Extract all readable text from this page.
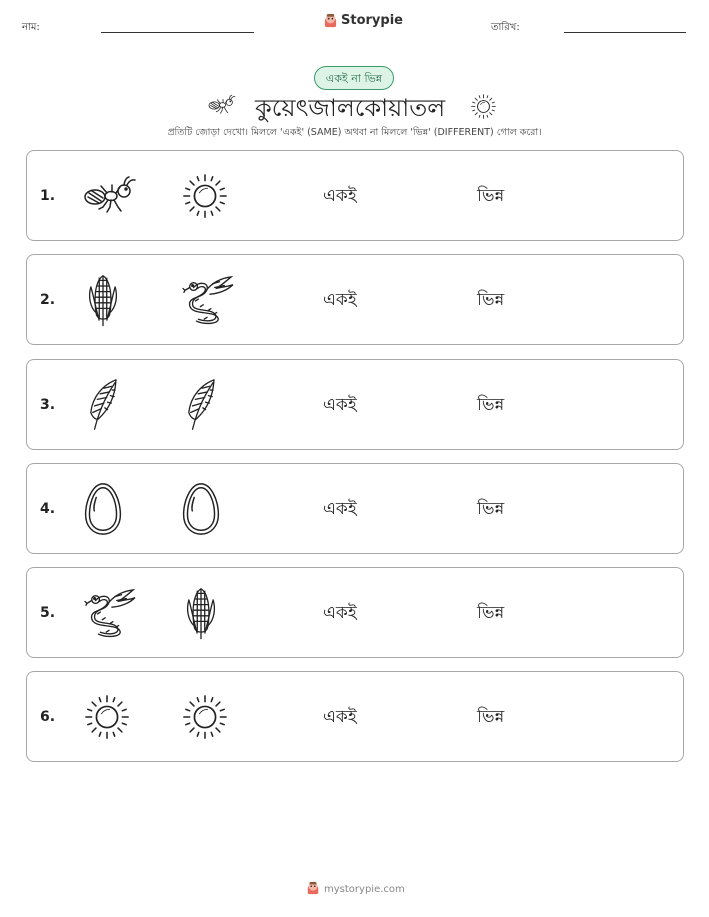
নাম:	Storypie	তারিখ:
একই না ভিন্ন
কুয়েৎজালকোয়াতল
প্রতিটি জোড়া দেখো। মিললে 'একই' (SAME) অথবা না মিললে 'ভিন্ন' (DIFFERENT) গোল করো।
1.	একই	ভিন্ন
2.	একই	ভিন্ন
3.	একই	ভিন্ন
4.	একই	ভিন্ন
5.	একই	ভিন্ন
6.	একই	ভিন্ন
mystorypie.com
